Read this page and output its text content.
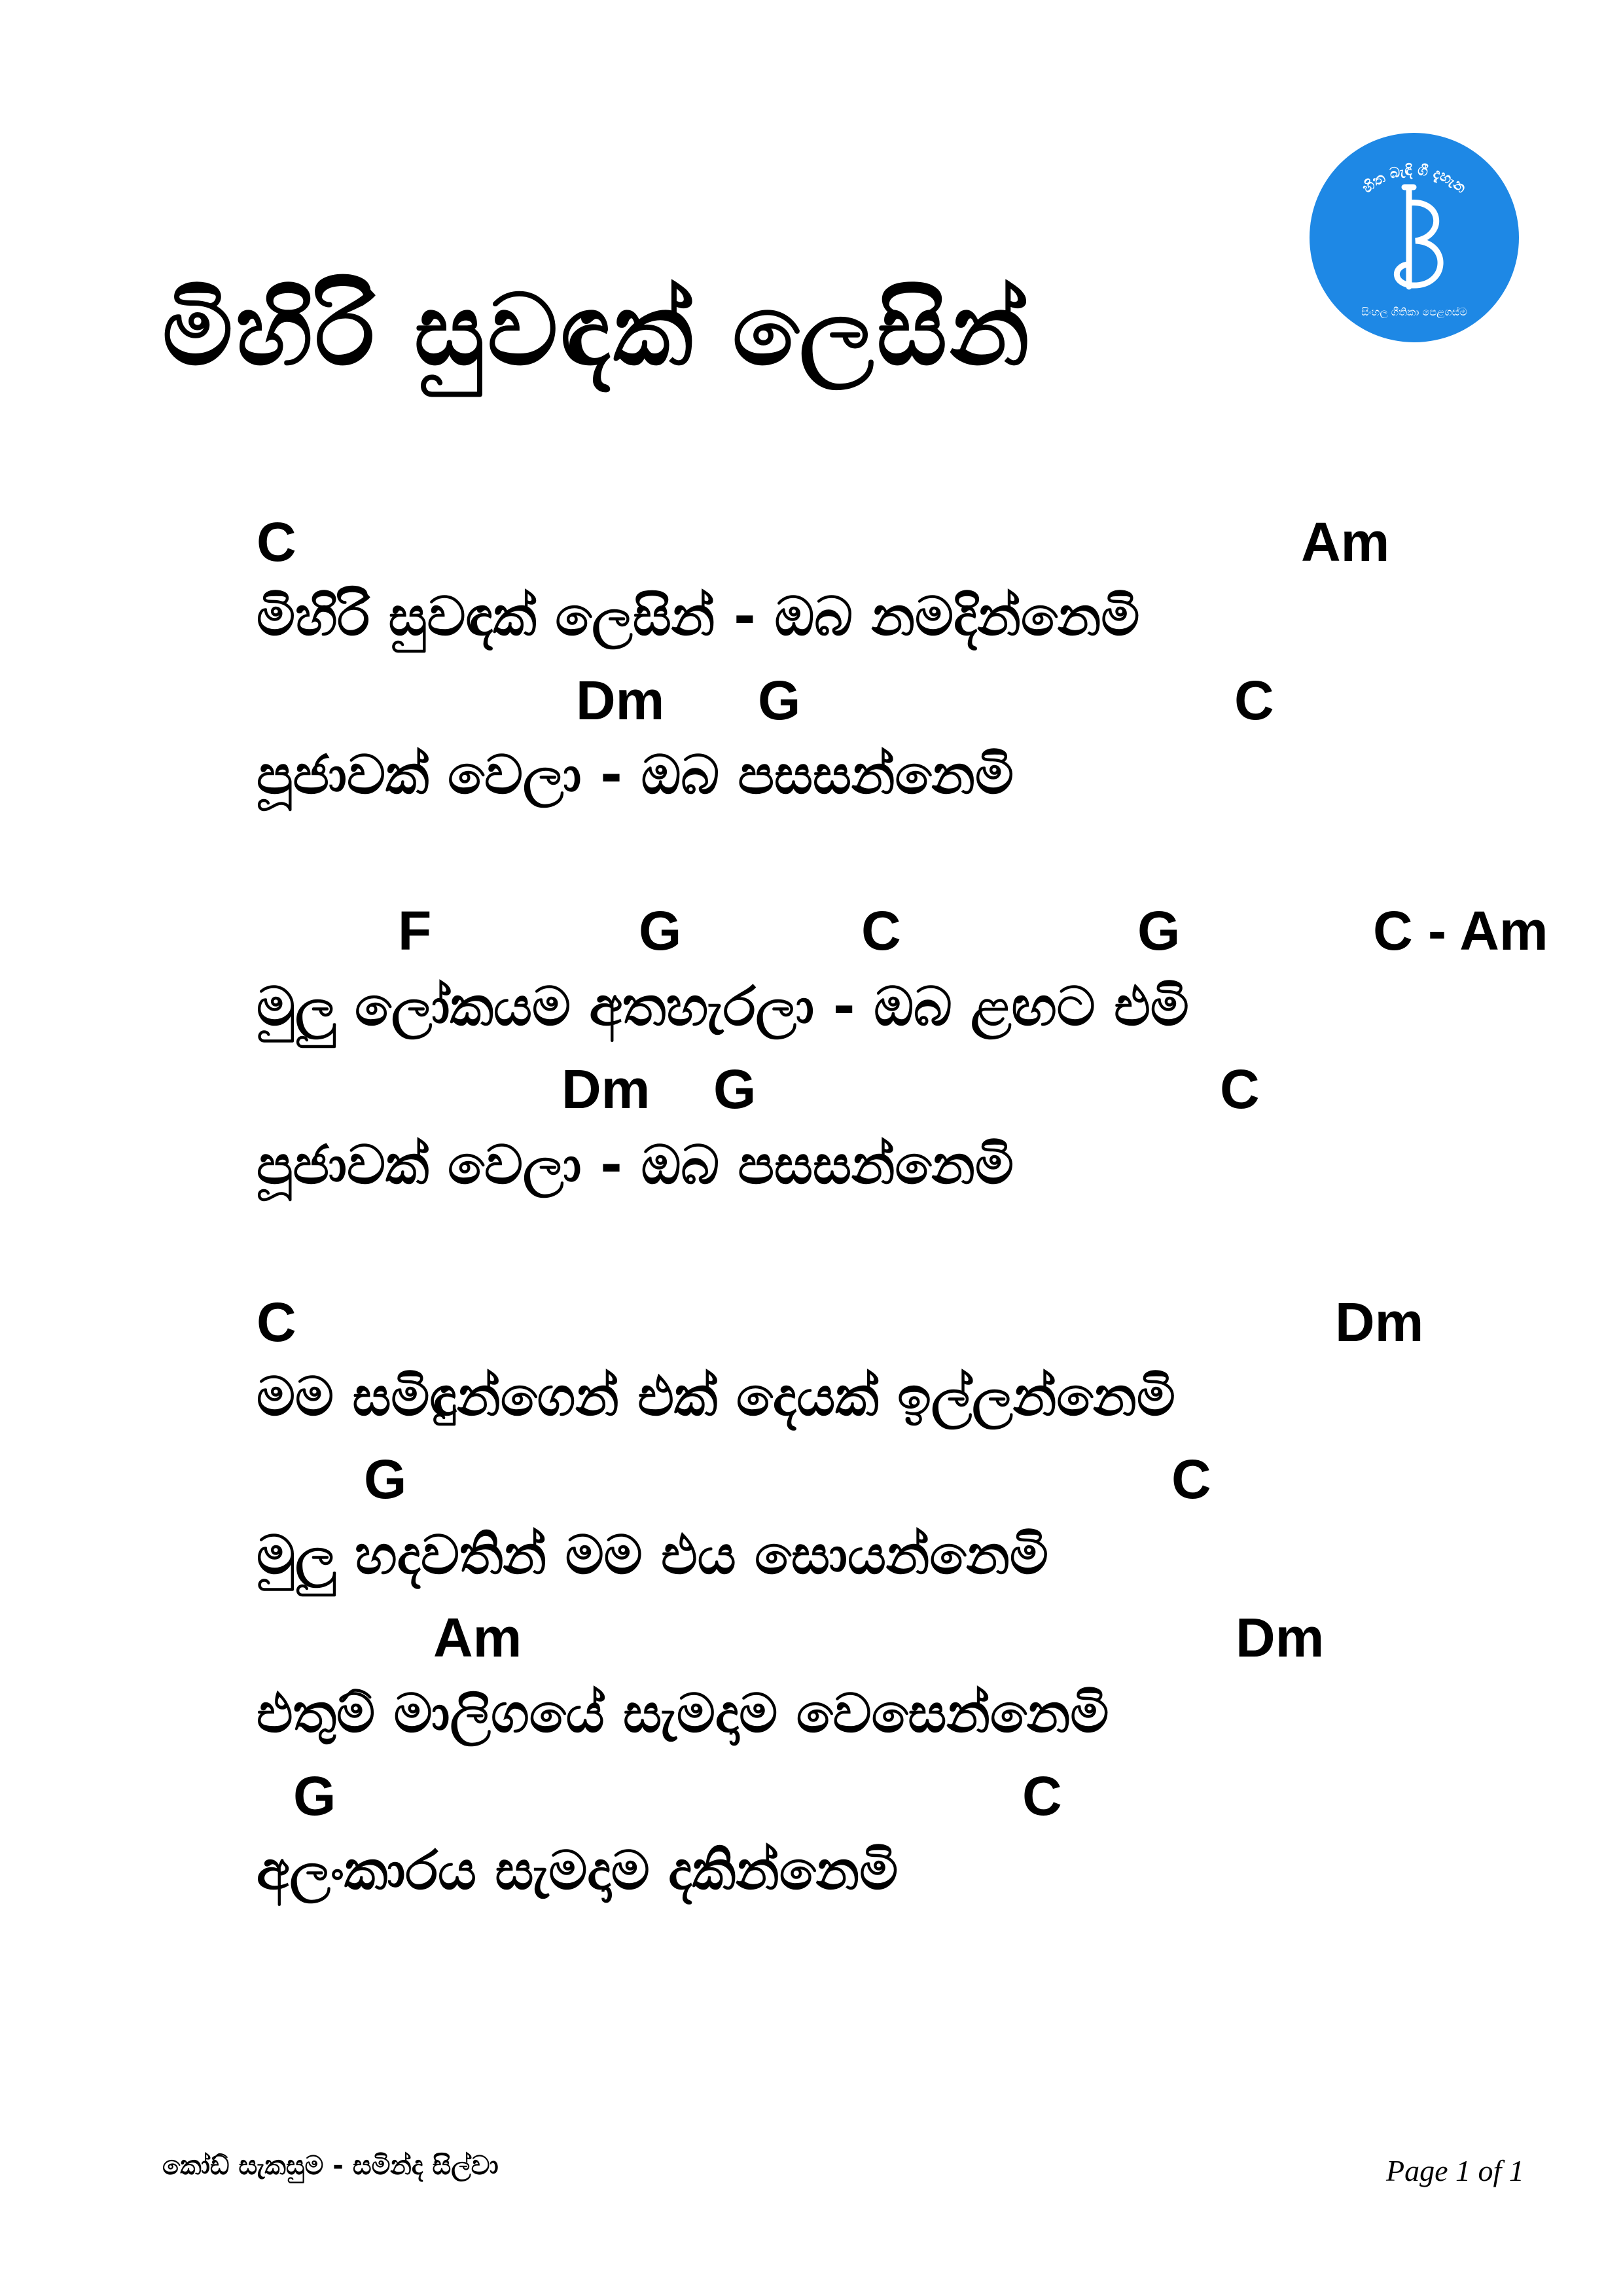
මිහිරි සුවඳක් ලෙසින්
හිත බැඳි ගී දැහැන
සිංහල ගීතිකා පෙළගස්ම
C	Am
මිහිරි සුවඳක් ලෙසින් - ඔබ නමදින්නෙමි
Dm G	C
පූජාවක් වෙලා - ඔබ පසසන්නෙමි
F	G	C	G	C - Am
මුලු ලෝකයම අතහැරලා - ඔබ ළඟට එමි
Dm G	C
පූජාවක් වෙලා - ඔබ පසසන්නෙමි
C	Dm
මම සමිඳුන්ගෙන් එක් දෙයක් ඉල්ලන්නෙමි
G	C
මුලු හදවතින් මම එය සොයන්නෙමි
Am	Dm
එතුම් මාලිගයේ සැමදාම වෙසෙන්නෙමි
G	C
අලංකාරය සැමදාම දකින්නෙමි
කෝඩ් සැකසුම - සමින්ද සිල්වා	Page 1 of 1
